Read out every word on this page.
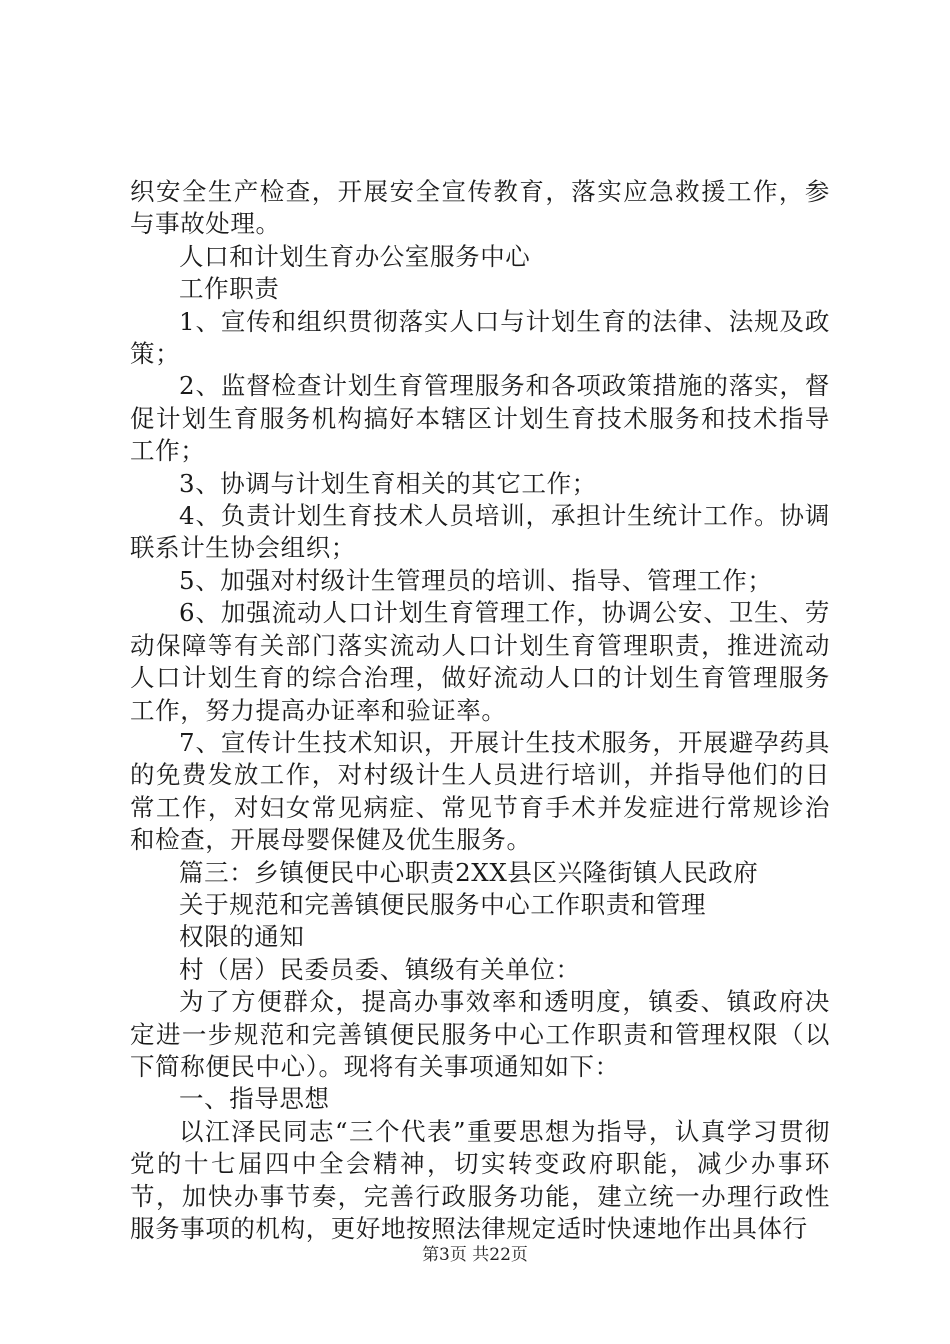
织安全生产检查，开展安全宣传教育，落实应急救援工作，参与事故处理。

人口和计划生育办公室服务中心

工作职责

1、宣传和组织贯彻落实人口与计划生育的法律、法规及政策；

2、监督检查计划生育管理服务和各项政策措施的落实，督促计划生育服务机构搞好本辖区计划生育技术服务和技术指导工作；

3、协调与计划生育相关的其它工作；

4、负责计划生育技术人员培训，承担计生统计工作。协调联系计生协会组织；

5、加强对村级计生管理员的培训、指导、管理工作；

6、加强流动人口计划生育管理工作，协调公安、卫生、劳动保障等有关部门落实流动人口计划生育管理职责，推进流动人口计划生育的综合治理，做好流动人口的计划生育管理服务工作，努力提高办证率和验证率。

7、宣传计生技术知识，开展计生技术服务，开展避孕药具的免费发放工作，对村级计生人员进行培训，并指导他们的日常工作，对妇女常见病症、常见节育手术并发症进行常规诊治和检查，开展母婴保健及优生服务。

篇三：乡镇便民中心职责2XX县区兴隆街镇人民政府

关于规范和完善镇便民服务中心工作职责和管理

权限的通知

村（居）民委员委、镇级有关单位：

为了方便群众，提高办事效率和透明度，镇委、镇政府决定进一步规范和完善镇便民服务中心工作职责和管理权限（以下简称便民中心）。现将有关事项通知如下：

一、指导思想

以江泽民同志“三个代表”重要思想为指导，认真学习贯彻党的十七届四中全会精神，切实转变政府职能，减少办事环节，加快办事节奏，完善行政服务功能，建立统一办理行政性服务事项的机构，更好地按照法律规定适时快速地作出具体行

第3页 共22页
